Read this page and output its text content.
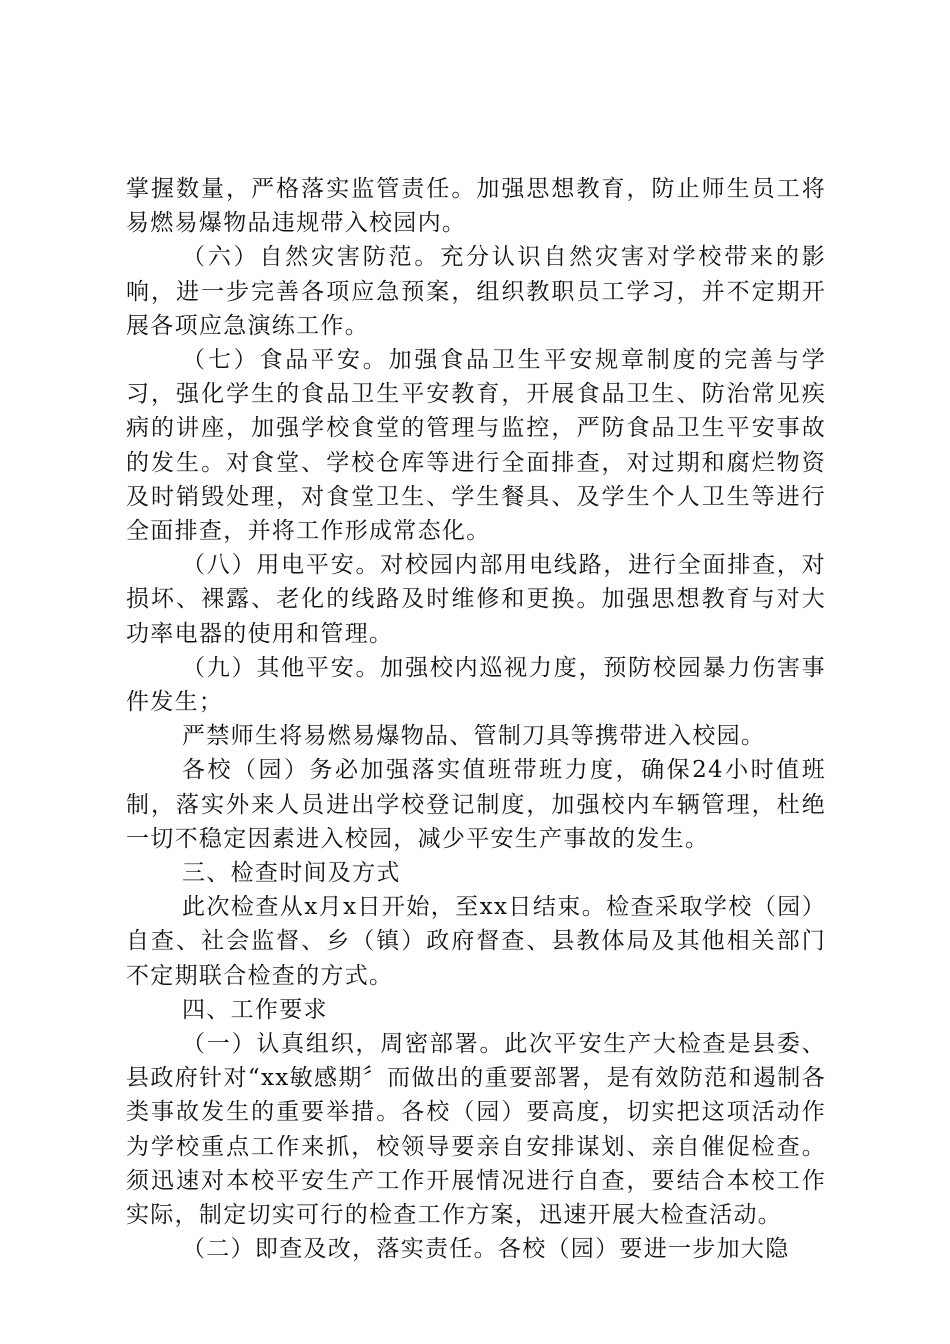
掌握数量，严格落实监管责任。加强思想教育，防止师生员工将易燃易爆物品违规带入校园内。

（六）自然灾害防范。充分认识自然灾害对学校带来的影响，进一步完善各项应急预案，组织教职员工学习，并不定期开展各项应急演练工作。

（七）食品平安。加强食品卫生平安规章制度的完善与学习，强化学生的食品卫生平安教育，开展食品卫生、防治常见疾病的讲座，加强学校食堂的管理与监控，严防食品卫生平安事故的发生。对食堂、学校仓库等进行全面排查，对过期和腐烂物资及时销毁处理，对食堂卫生、学生餐具、及学生个人卫生等进行全面排查，并将工作形成常态化。

（八）用电平安。对校园内部用电线路，进行全面排查，对损坏、裸露、老化的线路及时维修和更换。加强思想教育与对大功率电器的使用和管理。

（九）其他平安。加强校内巡视力度，预防校园暴力伤害事件发生；

严禁师生将易燃易爆物品、管制刀具等携带进入校园。

各校（园）务必加强落实值班带班力度，确保24小时值班制，落实外来人员进出学校登记制度，加强校内车辆管理，杜绝一切不稳定因素进入校园，减少平安生产事故的发生。

三、检查时间及方式

此次检查从x月x日开始，至xx日结束。检查采取学校（园）自查、社会监督、乡（镇）政府督查、县教体局及其他相关部门不定期联合检查的方式。

四、工作要求

（一）认真组织，周密部署。此次平安生产大检查是县委、县政府针对“xx敏感期〞而做出的重要部署，是有效防范和遏制各类事故发生的重要举措。各校（园）要高度，切实把这项活动作为学校重点工作来抓，校领导要亲自安排谋划、亲自催促检查。须迅速对本校平安生产工作开展情况进行自查，要结合本校工作实际，制定切实可行的检查工作方案，迅速开展大检查活动。

（二）即查及改，落实责任。各校（园）要进一步加大隐
